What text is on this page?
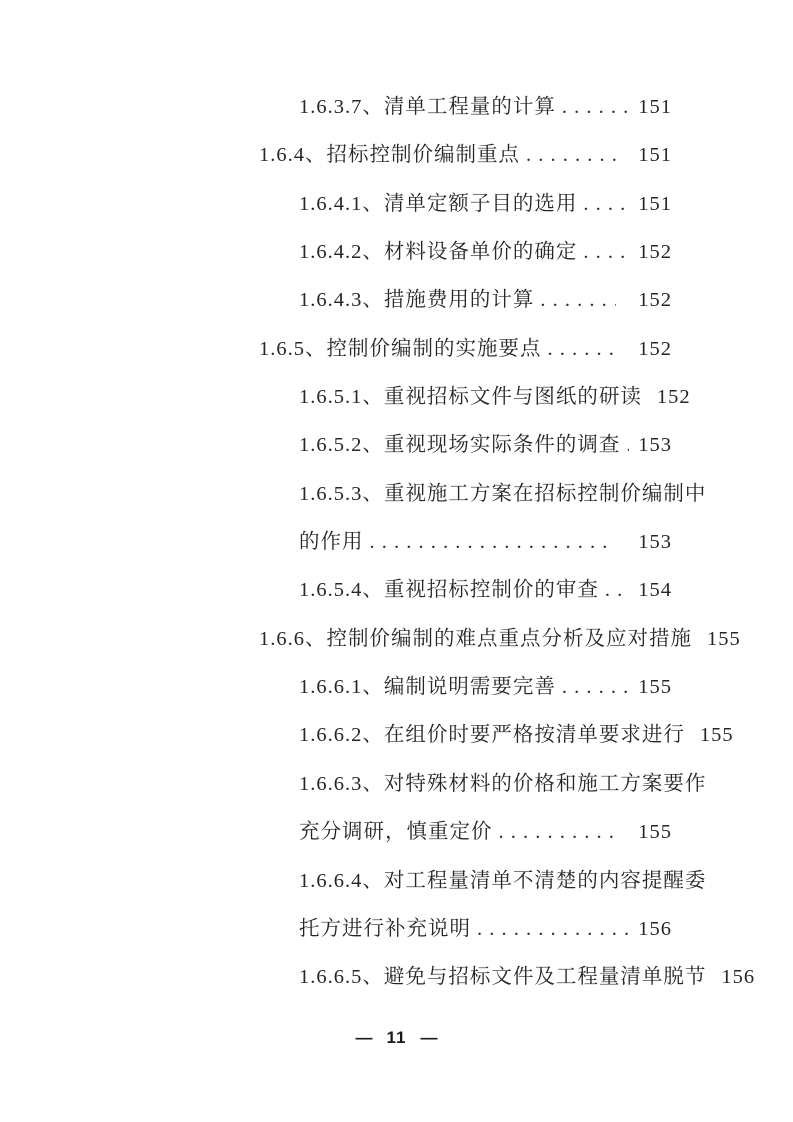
1.6.3.7、清单工程量的计算 . . .	151
1.6.4、招标控制价编制重点 . . .	151
1.6.4.1、清单定额子目的选用 . . .	151
1.6.4.2、材料设备单价的确定 . . .	152
1.6.4.3、措施费用的计算 . . .	152
1.6.5、控制价编制的实施要点 . . .	152
1.6.5.1、重视招标文件与图纸的研读 152
1.6.5.2、重视现场实际条件的调查 . . . 153
1.6.5.3、重视施工方案在招标控制价编制中
的作用 . . .	153
1.6.5.4、重视招标控制价的审查 . . . 154
1.6.6、控制价编制的难点重点分析及应对措施 155
1.6.6.1、编制说明需要完善 . . .	155
1.6.6.2、在组价时要严格按清单要求进行 155
1.6.6.3、对特殊材料的价格和施工方案要作
充分调研，慎重定价 . . .	155
1.6.6.4、对工程量清单不清楚的内容提醒委
托方进行补充说明 . . .	156
1.6.6.5、避免与招标文件及工程量清单脱节 156
— 11 —
